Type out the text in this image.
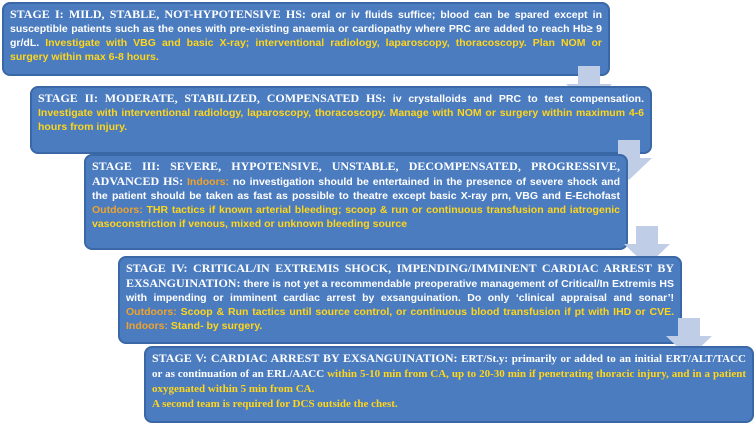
STAGE I: MILD, STABLE, NOT-HYPOTENSIVE HS: oral or iv fluids suffice; blood can be spared except in susceptible patients such as the ones with pre-existing anaemia or cardiopathy where PRC are added to reach Hb≥ 9 gr/dL. Investigate with VBG and basic X-ray; interventional radiology, laparoscopy, thoracoscopy. Plan NOM or surgery within max 6-8 hours.
STAGE II: MODERATE, STABILIZED, COMPENSATED HS: iv crystalloids and PRC to test compensation. Investigate with interventional radiology, laparoscopy, thoracoscopy. Manage with NOM or surgery within maximum 4-6 hours from injury.
STAGE III: SEVERE, HYPOTENSIVE, UNSTABLE, DECOMPENSATED, PROGRESSIVE, ADVANCED HS: Indoors: no investigation should be entertained in the presence of severe shock and the patient should be taken as fast as possible to theatre except basic X-ray prn, VBG and E-Echofast Outdoors: THR tactics if known arterial bleeding; scoop & run or continuous transfusion and iatrogenic vasoconstriction if venous, mixed or unknown bleeding source
STAGE IV: CRITICAL/IN EXTREMIS SHOCK, IMPENDING/IMMINENT CARDIAC ARREST BY EXSANGUINATION: there is not yet a recommendable preoperative management of Critical/In Extremis HS with impending or imminent cardiac arrest by exsanguination. Do only ‘clinical appraisal and sonar’! Outdoors: Scoop & Run tactics until source control, or continuous blood transfusion if pt with IHD or CVE. Indoors: Stand- by surgery.
STAGE V: CARDIAC ARREST BY EXSANGUINATION: ERT/St.y: primarily or added to an initial ERT/ALT/TACC or as continuation of an ERL/AACC within 5-10 min from CA, up to 20-30 min if penetrating thoracic injury, and in a patient oxygenated within 5 min from CA.
A second team is required for DCS outside the chest.
